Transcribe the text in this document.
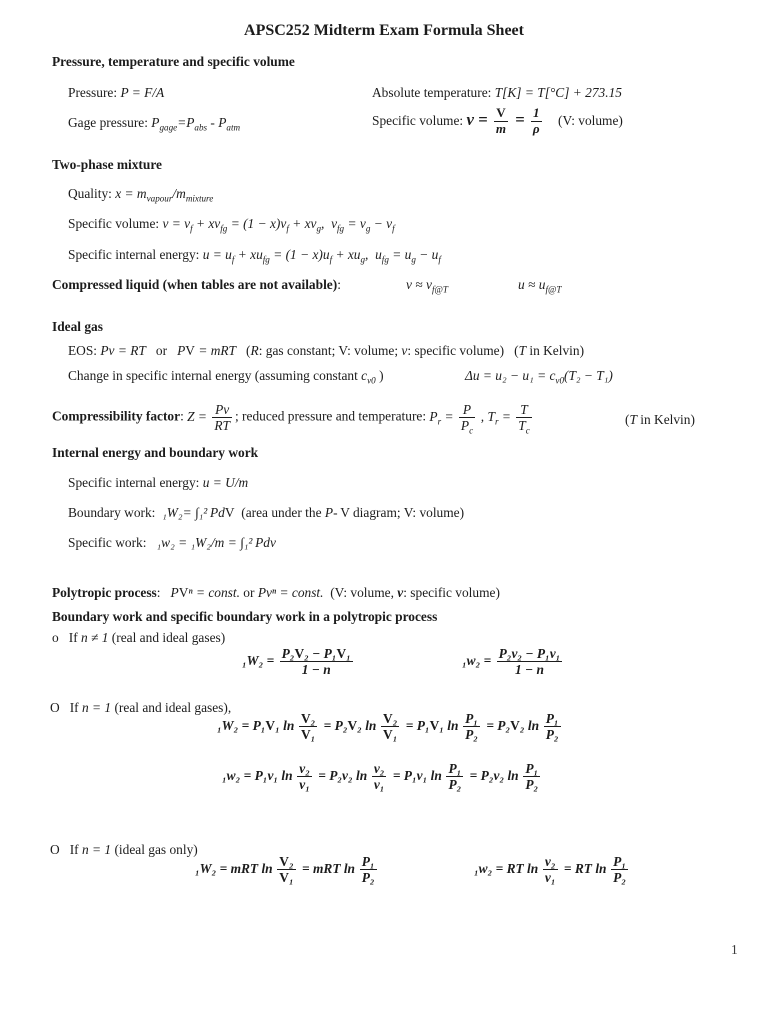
APSC252 Midterm Exam Formula Sheet
Pressure, temperature and specific volume
Pressure: P = F/A	Absolute temperature: T[K] = T[°C] + 273.15
Gage pressure: $P_{gage}=P_{abs} - P_{atm}$	Specific volume: $v = \frac{V}{m} = \frac{1}{\rho}$  (V: volume)
Two-phase mixture
Quality: $x = m_{vapour}/m_{mixture}$
Specific volume: $v = v_f + xv_{fg} = (1 - x)v_f + xv_g$, $v_{fg} = v_g - v_f$
Specific internal energy: $u = u_f + xu_{fg} = (1 - x)u_f + xu_g$, $u_{fg} = u_g - u_f$
Compressed liquid (when tables are not available):	$v \approx v_{f@T}$	$u \approx u_{f@T}$
Ideal gas
EOS: Pv = RT  or  PV = mRT  (R: gas constant; V: volume; v: specific volume)  (T in Kelvin)
Change in specific internal energy (assuming constant $c_{v0}$ )	$\Delta u = u_2 - u_1 = c_{v0}(T_2 - T_1)$
Compressibility factor: $Z = \frac{Pv}{RT}$ ; reduced pressure and temperature: $P_r = \frac{P}{P_c}$  , $T_r = \frac{T}{T_c}$	(T in Kelvin)
Internal energy and boundary work
Specific internal energy: u = U/m
Boundary work: ₁W₂= ∫₁² PdV  (area under the P- V diagram; V: volume)
Specific work:  ₁w₂ = ₁W₂/m = ∫₁² Pdv
Polytropic process:  PVⁿ = const. or Pvⁿ = const. (V: volume, v: specific volume)
Boundary work and specific boundary work in a polytropic process
o  If n ≠ 1 (real and ideal gases)
$_1W_2 = \frac{\text{P₂V₂ − P₁V₁}}{1 - n}$	$_1w_2 = \frac{\text{P₂v₂ − P₁v₁}}{1 - n}$
O  If n = 1 (real and ideal gases),
₁W₂ = P₁V₁ $\ln \frac{\text{V₂}}{\text{V₁}} = P_2V_2$ $\ln \frac{\text{V₂}}{\text{V₁}} = P_1V_1$ $\ln \frac{\text{P₁}}{\text{P₂}} = P_2V_2$ $\ln \frac{\text{P₁}}{\text{P₂}}$
₁w₂ = P₁v₁ $\ln \frac{\text{v₂}}{\text{v₁}} = P_2v_2$ $\ln \frac{\text{v₂}}{\text{v₁}} = P_1v_1$ $\ln \frac{\text{P₁}}{\text{P₂}} = P_2v_2$ $\ln \frac{\text{P₁}}{\text{P₂}}$
O  If n = 1 (ideal gas only)
₁W₂ = mRT $\ln \frac{\text{V₂}}{\text{V₁}}$ = mRT $\ln \frac{\text{P₁}}{\text{P₂}}$	₁w₂ = RT $\ln \frac{\text{v₂}}{\text{v₁}}$ = RT $\ln \frac{\text{P₁}}{\text{P₂}}$
1
